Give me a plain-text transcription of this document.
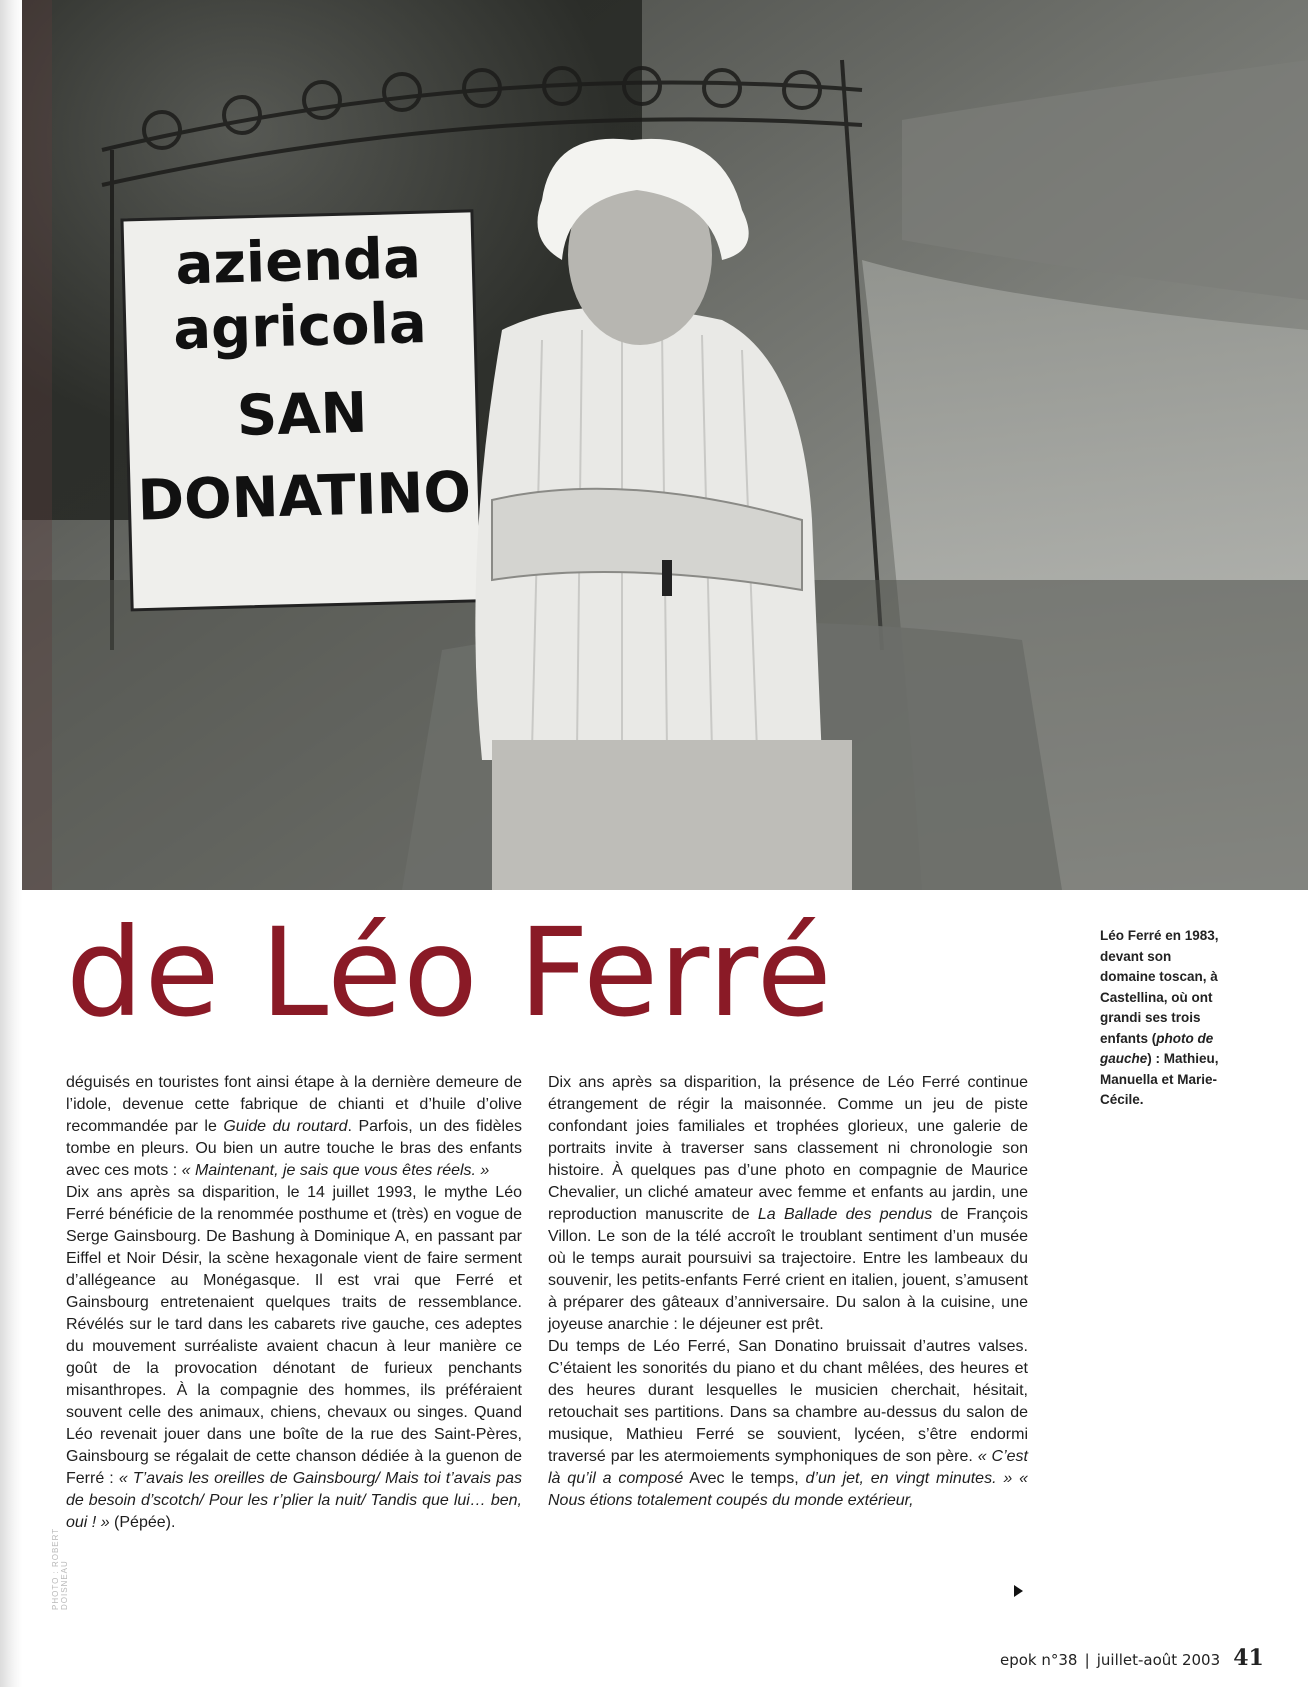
azienda
agricola
SAN
DONATINO
de Léo Ferré	Léo Ferré en 1983, devant son domaine toscan, à Castellina, où ont grandi ses trois enfants (photo de gauche) : Mathieu, Manuella et Marie-Cécile.

déguisés en touristes font ainsi étape à la dernière demeure de l’idole, devenue cette fabrique de chianti et d’huile d’olive recommandée par le Guide du routard. Parfois, un des fidèles tombe en pleurs. Ou bien un autre touche le bras des enfants avec ces mots : « Maintenant, je sais que vous êtes réels. »

Dix ans après sa disparition, le 14 juillet 1993, le mythe Léo Ferré bénéficie de la renommée posthume et (très) en vogue de Serge Gainsbourg. De Bashung à Dominique A, en passant par Eiffel et Noir Désir, la scène hexagonale vient de faire serment d’allégeance au Monégasque. Il est vrai que Ferré et Gainsbourg entretenaient quelques traits de ressemblance. Révélés sur le tard dans les cabarets rive gauche, ces adeptes du mouvement surréaliste avaient chacun à leur manière ce goût de la provocation dénotant de furieux penchants misanthropes. À la compagnie des hommes, ils préféraient souvent celle des animaux, chiens, chevaux ou singes. Quand Léo revenait jouer dans une boîte de la rue des Saint-Pères, Gainsbourg se régalait de cette chanson dédiée à la guenon de Ferré : « T’avais les oreilles de Gainsbourg/ Mais toi t’avais pas de besoin d’scotch/ Pour les r’plier la nuit/ Tandis que lui… ben, oui ! » (Pépée).

Dix ans après sa disparition, la présence de Léo Ferré continue étrangement de régir la maisonnée. Comme un jeu de piste confondant joies familiales et trophées glorieux, une galerie de portraits invite à traverser sans classement ni chronologie son histoire. À quelques pas d’une photo en compagnie de Maurice Chevalier, un cliché amateur avec femme et enfants au jardin, une reproduction manuscrite de La Ballade des pendus de François Villon. Le son de la télé accroît le troublant sentiment d’un musée où le temps aurait poursuivi sa trajectoire. Entre les lambeaux du souvenir, les petits-enfants Ferré crient en italien, jouent, s’amusent à préparer des gâteaux d’anniversaire. Du salon à la cuisine, une joyeuse anarchie : le déjeuner est prêt.

Du temps de Léo Ferré, San Donatino bruissait d’autres valses. C’étaient les sonorités du piano et du chant mêlées, des heures et des heures durant lesquelles le musicien cherchait, hésitait, retouchait ses partitions. Dans sa chambre au-dessus du salon de musique, Mathieu Ferré se souvient, lycéen, s’être endormi traversé par les atermoiements symphoniques de son père. « C’est là qu’il a composé Avec le temps, d’un jet, en vingt minutes. » « Nous étions totalement coupés du monde extérieur,

PHOTO : ROBERT DOISNEAU
epok n°38 | juillet-août 2003 41
